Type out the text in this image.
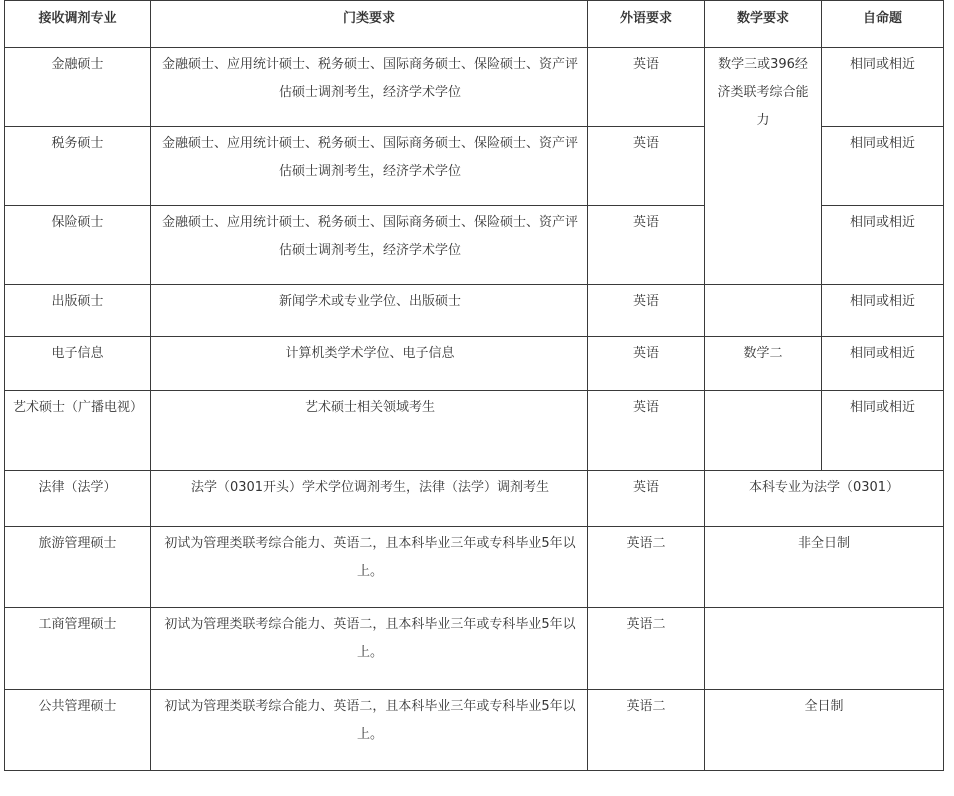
接收调剂专业	门类要求	外语要求	数学要求	自命题
金融硕士	金融硕士、应用统计硕士、税务硕士、国际商务硕士、保险硕士、资产评估硕士调剂考生，经济学术学位	英语	数学三或396经济类联考综合能力	相同或相近
税务硕士	金融硕士、应用统计硕士、税务硕士、国际商务硕士、保险硕士、资产评估硕士调剂考生，经济学术学位	英语		相同或相近
保险硕士	金融硕士、应用统计硕士、税务硕士、国际商务硕士、保险硕士、资产评估硕士调剂考生，经济学术学位	英语		相同或相近
出版硕士	新闻学术或专业学位、出版硕士	英语		相同或相近
电子信息	计算机类学术学位、电子信息	英语	数学二	相同或相近
艺术硕士（广播电视）	艺术硕士相关领域考生	英语		相同或相近
法律（法学）	法学（0301开头）学术学位调剂考生，法律（法学）调剂考生	英语	本科专业为法学（0301）	
旅游管理硕士	初试为管理类联考综合能力、英语二，且本科毕业三年或专科毕业5年以上。	英语二	非全日制	
工商管理硕士	初试为管理类联考综合能力、英语二，且本科毕业三年或专科毕业5年以上。	英语二		
公共管理硕士	初试为管理类联考综合能力、英语二，且本科毕业三年或专科毕业5年以上。	英语二	全日制	
